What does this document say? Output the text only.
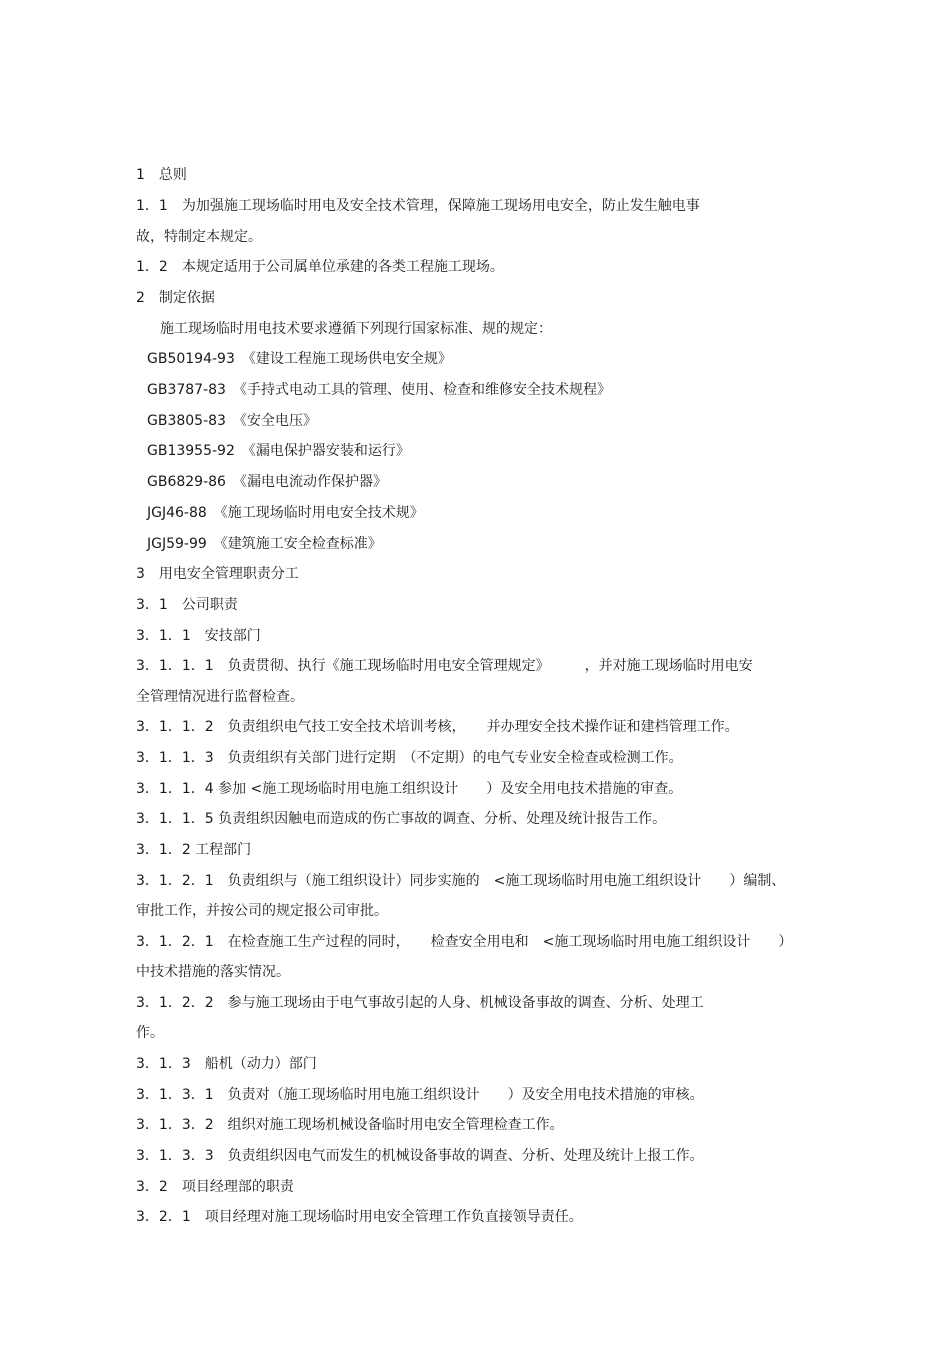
1　总则
1．1　为加强施工现场临时用电及安全技术管理，保障施工现场用电安全，防止发生触电事
故，特制定本规定。
1．2　本规定适用于公司属单位承建的各类工程施工现场。
2　制定依据
施工现场临时用电技术要求遵循下列现行国家标准、规的规定：
GB50194-93　《建设工程施工现场供电安全规》
GB3787-83　《手持式电动工具的管理、使用、检查和维修安全技术规程》
GB3805-83　《安全电压》
GB13955-92　《漏电保护器安装和运行》
GB6829-86　《漏电电流动作保护器》
JGJ46-88　《施工现场临时用电安全技术规》
JGJ59-99　《建筑施工安全检查标准》
3　用电安全管理职责分工
3．1　公司职责
3．1．1　安技部门
3．1．1．1　负责贯彻、执行《施工现场临时用电安全管理规定》　　　，并对施工现场临时用电安
全管理情况进行监督检查。
3．1．1．2　负责组织电气技工安全技术培训考核，　　并办理安全技术操作证和建档管理工作。
3．1．1．3　负责组织有关部门进行定期　（不定期）的电气专业安全检查或检测工作。
3．1．1．4 参加 <施工现场临时用电施工组织设计　　）及安全用电技术措施的审查。
3．1．1．5 负责组织因触电而造成的伤亡事故的调查、分析、处理及统计报告工作。
3．1．2 工程部门
3．1．2．1　负责组织与（施工组织设计）同步实施的　<施工现场临时用电施工组织设计　　）编制、
审批工作，并按公司的规定报公司审批。
3．1．2．1　在检查施工生产过程的同时，　　检查安全用电和　<施工现场临时用电施工组织设计　　）
中技术措施的落实情况。
3．1．2．2　参与施工现场由于电气事故引起的人身、机械设备事故的调查、分析、处理工
作。
3．1．3　船机（动力）部门
3．1．3．1　负责对（施工现场临时用电施工组织设计　　）及安全用电技术措施的审核。
3．1．3．2　组织对施工现场机械设备临时用电安全管理检查工作。
3．1．3．3　负责组织因电气而发生的机械设备事故的调查、分析、处理及统计上报工作。
3．2　项目经理部的职责
3．2．1　项目经理对施工现场临时用电安全管理工作负直接领导责任。
